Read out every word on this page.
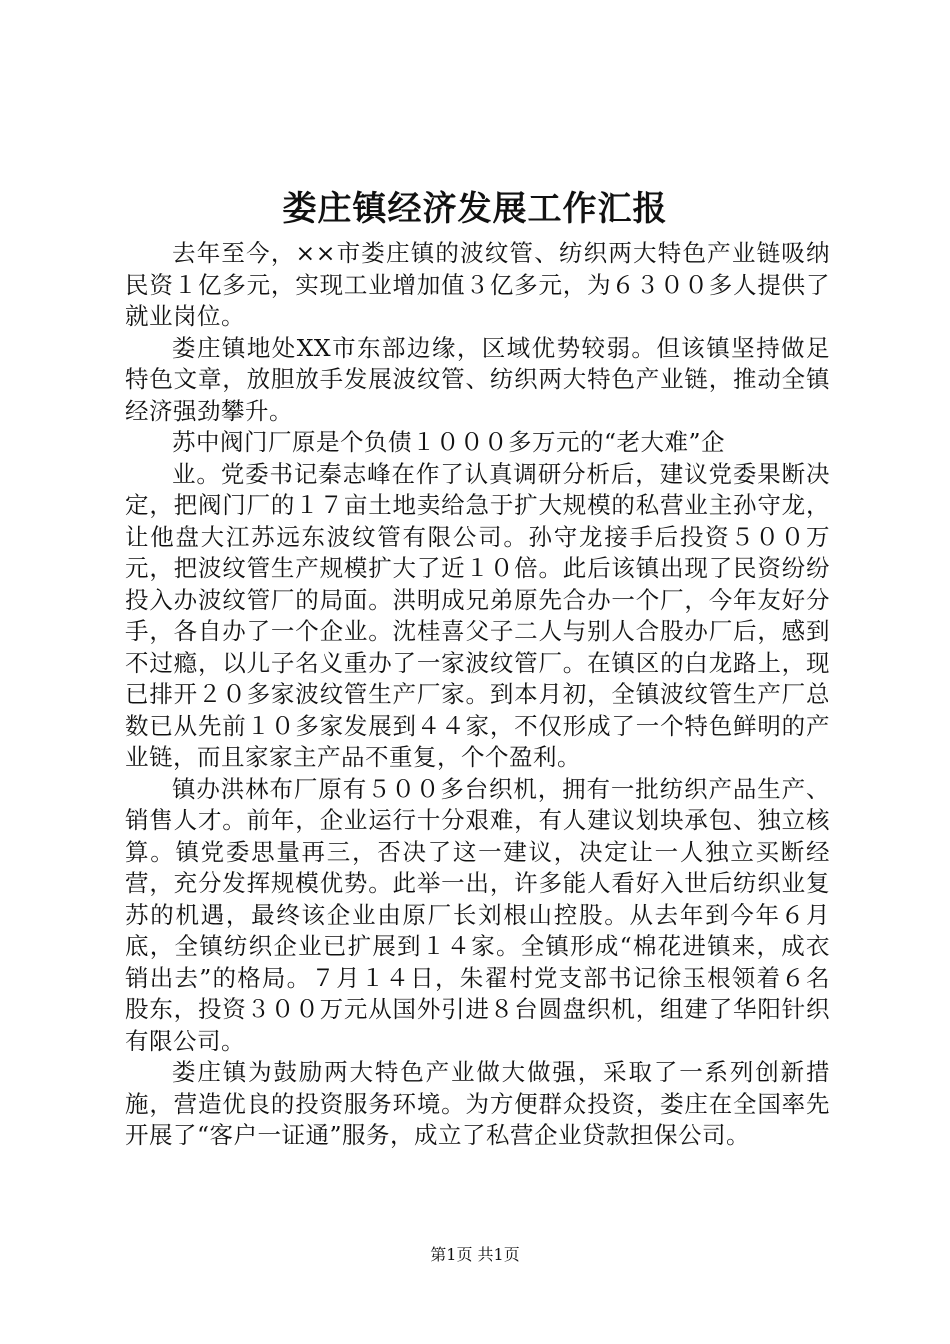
娄庄镇经济发展工作汇报

去年至今，××市娄庄镇的波纹管、纺织两大特色产业链吸纳民资１亿多元，实现工业增加值３亿多元，为６３００多人提供了就业岗位。

娄庄镇地处XX市东部边缘，区域优势较弱。但该镇坚持做足特色文章，放胆放手发展波纹管、纺织两大特色产业链，推动全镇经济强劲攀升。

苏中阀门厂原是个负债１０００多万元的“老大难”企

业。党委书记秦志峰在作了认真调研分析后，建议党委果断决定，把阀门厂的１７亩土地卖给急于扩大规模的私营业主孙守龙，让他盘大江苏远东波纹管有限公司。孙守龙接手后投资５００万元，把波纹管生产规模扩大了近１０倍。此后该镇出现了民资纷纷投入办波纹管厂的局面。洪明成兄弟原先合办一个厂，今年友好分手，各自办了一个企业。沈桂喜父子二人与别人合股办厂后，感到不过瘾，以儿子名义重办了一家波纹管厂。在镇区的白龙路上，现已排开２０多家波纹管生产厂家。到本月初，全镇波纹管生产厂总数已从先前１０多家发展到４４家，不仅形成了一个特色鲜明的产业链，而且家家主产品不重复，个个盈利。

镇办洪林布厂原有５００多台织机，拥有一批纺织产品生产、销售人才。前年，企业运行十分艰难，有人建议划块承包、独立核算。镇党委思量再三，否决了这一建议，决定让一人独立买断经营，充分发挥规模优势。此举一出，许多能人看好入世后纺织业复苏的机遇，最终该企业由原厂长刘根山控股。从去年到今年６月底，全镇纺织企业已扩展到１４家。全镇形成“棉花进镇来，成衣销出去”的格局。７月１４日，朱翟村党支部书记徐玉根领着６名股东，投资３００万元从国外引进８台圆盘织机，组建了华阳针织有限公司。

娄庄镇为鼓励两大特色产业做大做强，采取了一系列创新措施，营造优良的投资服务环境。为方便群众投资，娄庄在全国率先开展了“客户一证通”服务，成立了私营企业贷款担保公司。

第1页 共1页
